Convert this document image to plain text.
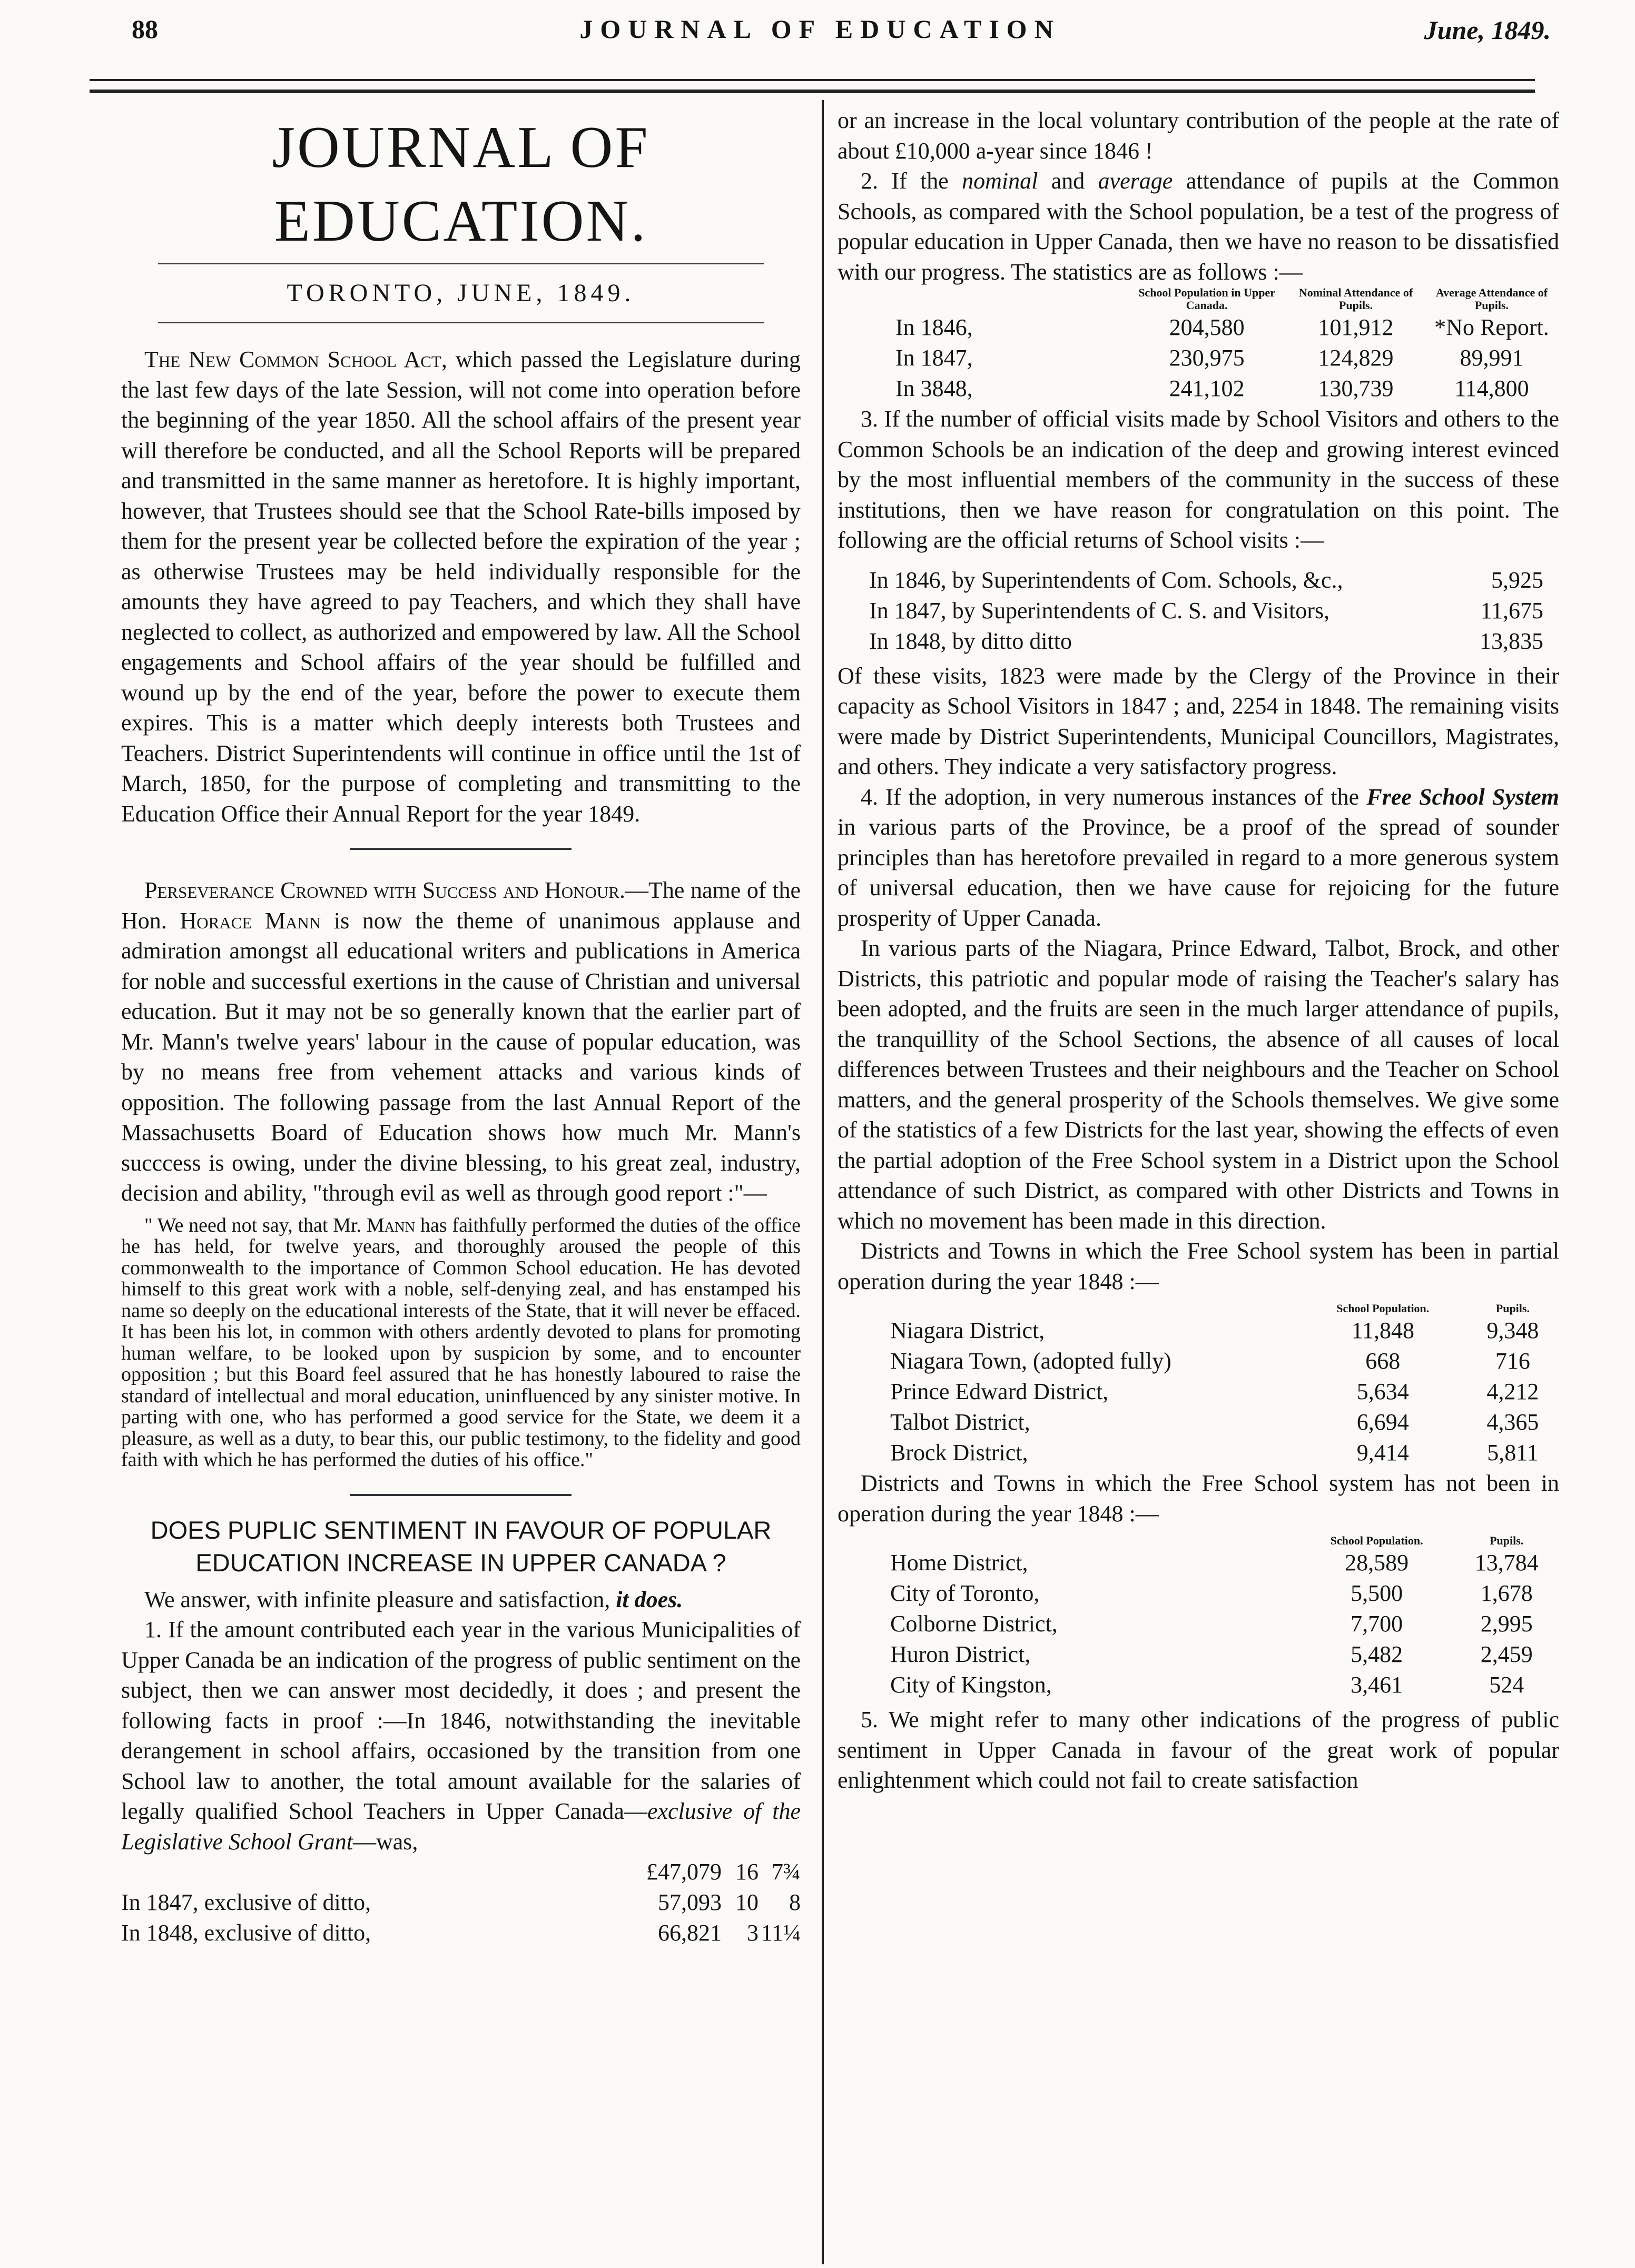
88	JOURNAL OF EDUCATION	June, 1849.
JOURNAL OF EDUCATION.
TORONTO, JUNE, 1849.

The New Common School Act, which passed the Legislature during the last few days of the late Session, will not come into operation before the beginning of the year 1850. All the school affairs of the present year will therefore be conducted, and all the School Reports will be prepared and transmitted in the same manner as heretofore. It is highly important, however, that Trustees should see that the School Rate-bills imposed by them for the present year be collected before the expiration of the year ; as otherwise Trustees may be held individually responsible for the amounts they have agreed to pay Teachers, and which they shall have neglected to collect, as authorized and empowered by law. All the School engagements and School affairs of the year should be fulfilled and wound up by the end of the year, before the power to execute them expires. This is a matter which deeply interests both Trustees and Teachers. District Superintendents will continue in office until the 1st of March, 1850, for the purpose of completing and transmitting to the Education Office their Annual Report for the year 1849.

Perseverance Crowned with Success and Honour.—The name of the Hon. Horace Mann is now the theme of unanimous applause and admiration amongst all educational writers and publications in America for noble and successful exertions in the cause of Christian and universal education. But it may not be so generally known that the earlier part of Mr. Mann's twelve years' labour in the cause of popular education, was by no means free from vehement attacks and various kinds of opposition. The following passage from the last Annual Report of the Massachusetts Board of Education shows how much Mr. Mann's succcess is owing, under the divine blessing, to his great zeal, industry, decision and ability, "through evil as well as through good report :"—

" We need not say, that Mr. Mann has faithfully performed the duties of the office he has held, for twelve years, and thoroughly aroused the people of this commonwealth to the importance of Common School education. He has devoted himself to this great work with a noble, self-denying zeal, and has enstamped his name so deeply on the educational interests of the State, that it will never be effaced. It has been his lot, in common with others ardently devoted to plans for promoting human welfare, to be looked upon by suspicion by some, and to encounter opposition ; but this Board feel assured that he has honestly laboured to raise the standard of intellectual and moral education, uninfluenced by any sinister motive. In parting with one, who has performed a good service for the State, we deem it a pleasure, as well as a duty, to bear this, our public testimony, to the fidelity and good faith with which he has performed the duties of his office."

DOES PUPLIC SENTIMENT IN FAVOUR OF POPULAR EDUCATION INCREASE IN UPPER CANADA ?

We answer, with infinite pleasure and satisfaction, it does.

1. If the amount contributed each year in the various Municipalities of Upper Canada be an indication of the progress of public sentiment on the subject, then we can answer most decidedly, it does ; and present the following facts in proof :—In 1846, notwithstanding the inevitable derangement in school affairs, occasioned by the transition from one School law to another, the total amount available for the salaries of legally qualified School Teachers in Upper Canada—exclusive of the Legislative School Grant—was,

	£47,079	16	7¾
In 1847, exclusive of ditto,	57,093	10	8
In 1848, exclusive of ditto,	66,821	3	11¼

or an increase in the local voluntary contribution of the people at the rate of about £10,000 a-year since 1846 !

2. If the nominal and average attendance of pupils at the Common Schools, as compared with the School population, be a test of the progress of popular education in Upper Canada, then we have no reason to be dissatisfied with our progress. The statistics are as follows :—

	School Population in Upper Canada.	Nominal Attendance of Pupils.	Average Attendance of Pupils.
In 1846,	204,580	101,912	*No Report.
In 1847,	230,975	124,829	89,991
In 3848,	241,102	130,739	114,800

3. If the number of official visits made by School Visitors and others to the Common Schools be an indication of the deep and growing interest evinced by the most influential members of the community in the success of these institutions, then we have reason for congratulation on this point. The following are the official returns of School visits :—

In 1846, by Superintendents of Com. Schools, &c.,	5,925
In 1847, by Superintendents of C. S. and Visitors,	11,675
In 1848, by ditto ditto	13,835

Of these visits, 1823 were made by the Clergy of the Province in their capacity as School Visitors in 1847 ; and, 2254 in 1848. The remaining visits were made by District Superintendents, Municipal Councillors, Magistrates, and others. They indicate a very satisfactory progress.

4. If the adoption, in very numerous instances of the Free School System in various parts of the Province, be a proof of the spread of sounder principles than has heretofore prevailed in regard to a more generous system of universal education, then we have cause for rejoicing for the future prosperity of Upper Canada.

In various parts of the Niagara, Prince Edward, Talbot, Brock, and other Districts, this patriotic and popular mode of raising the Teacher's salary has been adopted, and the fruits are seen in the much larger attendance of pupils, the tranquillity of the School Sections, the absence of all causes of local differences between Trustees and their neighbours and the Teacher on School matters, and the general prosperity of the Schools themselves. We give some of the statistics of a few Districts for the last year, showing the effects of even the partial adoption of the Free School system in a District upon the School attendance of such District, as compared with other Districts and Towns in which no movement has been made in this direction.

Districts and Towns in which the Free School system has been in partial operation during the year 1848 :—

	School Population.	Pupils.
Niagara District,	11,848	9,348
Niagara Town, (adopted fully)	668	716
Prince Edward District,	5,634	4,212
Talbot District,	6,694	4,365
Brock District,	9,414	5,811

Districts and Towns in which the Free School system has not been in operation during the year 1848 :—

	School Population.	Pupils.
Home District,	28,589	13,784
City of Toronto,	5,500	1,678
Colborne District,	7,700	2,995
Huron District,	5,482	2,459
City of Kingston,	3,461	524

5. We might refer to many other indications of the progress of public sentiment in Upper Canada in favour of the great work of popular enlightenment which could not fail to create satisfaction
